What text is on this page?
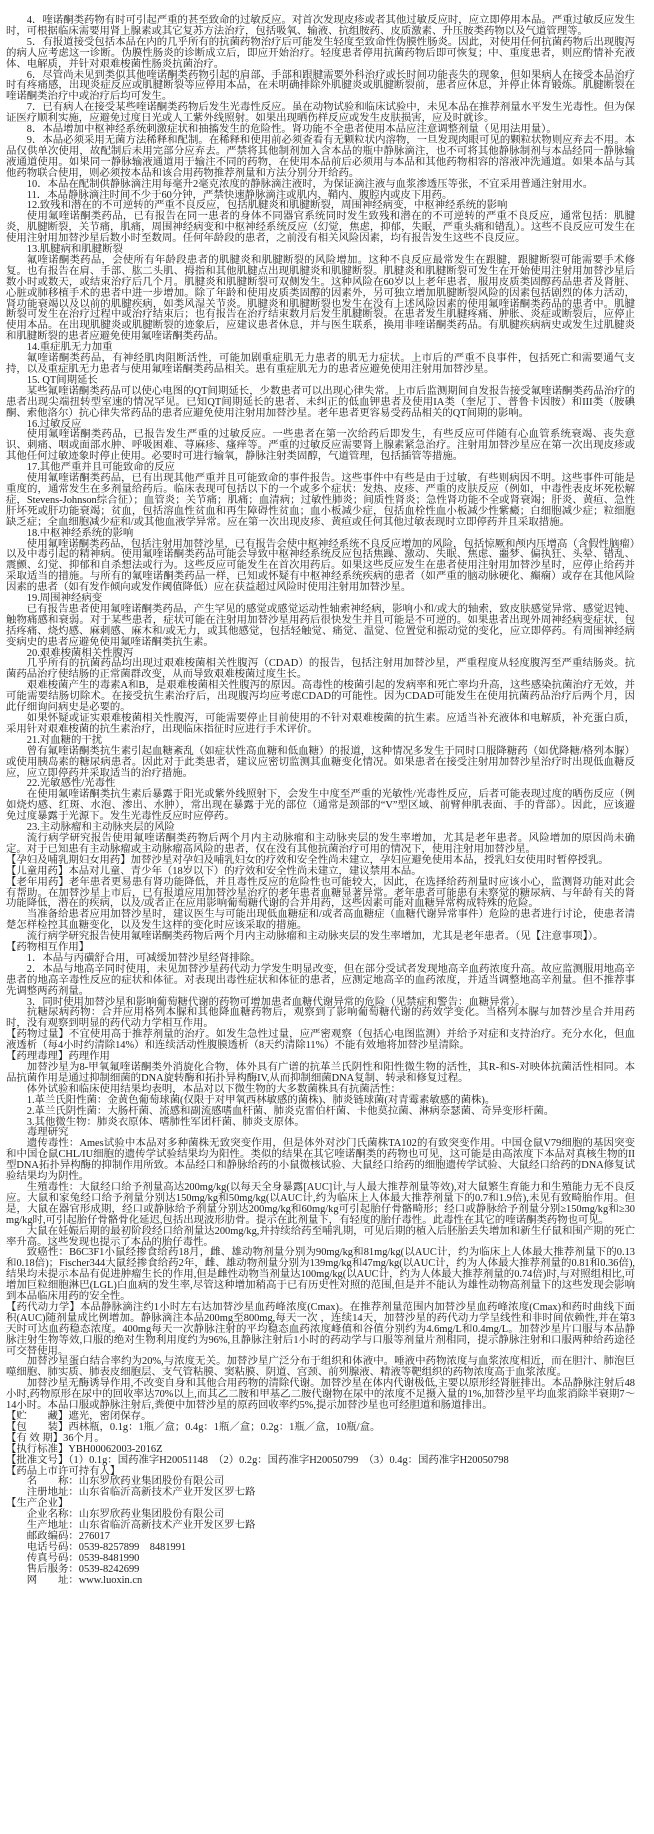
4．喹诺酮类药物有时可引起严重的甚至致命的过敏反应。对首次发现皮疹或者其他过敏反应时，应立即停用本品。严重过敏反应发生时，可根据临床需要用肾上腺素或其它复苏方法治疗，包括吸氧、输液、抗组胺药、皮质激素、升压胺类药物以及气道管理等。

5．有报道接受包括本品在内的几乎所有的抗菌药物治疗后可能发生轻度至致命性伪膜性肠炎。因此，对使用任何抗菌药物后出现腹泻的病人应考虑这一诊断。伪膜性肠炎的诊断成立后，即应开始治疗。轻度患者停用抗菌药物后即可恢复；中、重度患者，则应酌情补充液体、电解质，并针对艰难梭菌性肠炎抗菌治疗。

6．尽管尚未见到类似其他喹诺酮类药物引起的肩部、手部和跟腱需要外科治疗或长时间功能丧失的现象，但如果病人在接受本品治疗时有疼痛感，出现炎症反应或肌腱断裂等应停用本品，在未明确排除外肌腱炎或肌腱断裂前，患者应休息，并停止体育锻炼。肌腱断裂在喹诺酮类治疗中或治疗后均可发生。

7．已有病人在接受某些喹诺酮类药物后发生光毒性反应。虽在动物试验和临床试验中，未见本品在推荐剂量水平发生光毒性。但为保证医疗顺利实施，应避免过度日光或人工紫外线照射。如果出现晒伤样反应或发生皮肤损害，应及时就诊。

8．本品增加中枢神经系统刺激症状和抽搐发生的危险性。肾功能不全患者使用本品应注意调整剂量（见用法用量）。

9．本品必须采用无菌方法稀释和配制。在稀释和使用前必须查看有无颗粒状内溶物，一旦发现肉眼可见的颗粒状物则应弃去不用。本品仅供单次使用，故配制后未用完部分应弃去。严禁将其他制剂加入含本品的瓶中静脉滴注，也不可将其他静脉制剂与本品经同一静脉输液通道使用。如果同一静脉输液通道用于输注不同的药物，在使用本品前后必须用与本品和其他药物相容的溶液冲洗通道。如果本品与其他药物联合使用，则必须按本品和该合用药物推荐剂量和方法分别分开给药。

10．本品在配制供静脉滴注用每毫升2毫克浓度的静脉滴注液时，为保证滴注液与血浆渗透压等张，不宜采用普通注射用水。

11．本品静脉滴注时间不少于60分钟，严禁快速静脉滴注或肌内、鞘内、腹腔内或皮下用药。

12.致残和潜在的不可逆转的严重不良反应，包括肌腱炎和肌腱断裂，周围神经病变，中枢神经系统的影响

使用氟喹诺酮类药品，已有报告在同一患者的身体不同器官系统同时发生致残和潜在的不可逆转的严重不良反应，通常包括：肌腱炎，肌腱断裂，关节痛，肌痛，周围神经病变和中枢神经系统反应（幻觉，焦虑，抑郁，失眠，严重头痛和错乱）。这些不良反应可发生在使用注射用加替沙星后数小时至数周。任何年龄段的患者，之前没有相关风险因素，均有报告发生这些不良反应。

13.肌腱病和肌腱断裂

氟喹诺酮类药品，会使所有年龄段患者的肌腱炎和肌腱断裂的风险增加。这种不良反应最常发生在跟腱，跟腱断裂可能需要手术修复。也有报告在肩、手部、肱二头肌、拇指和其他肌腱点出现肌腱炎和肌腱断裂。肌腱炎和肌腱断裂可发生在开始使用注射用加替沙星后数小时或数天，或结束治疗后几个月。肌腱炎和肌腱断裂可双侧发生。这种风险在60岁以上老年患者，服用皮质类固醇药品患者及肾脏、心脏或肺移植手术的患者中进一步增加。除了年龄和使用皮质类固醇的因素外，另可独立增加肌腱断裂风险的因素包括剧烈的体力活动，肾功能衰竭以及以前的肌腱疾病，如类风湿关节炎。肌腱炎和肌腱断裂也发生在没有上述风险因素的使用氟喹诺酮类药品的患者中。肌腱断裂可发生在治疗过程中或治疗结束后；也有报告在治疗结束数月后发生肌腱断裂。在患者发生肌腱疼痛、肿胀、炎症或断裂后，应停止使用本品。在出现肌腱炎或肌腱断裂的迹象后，应建议患者休息，并与医生联系，换用非喹诺酮类药品。有肌腱疾病病史或发生过肌腱炎和肌腱断裂的患者应避免使用氟喹诺酮类药品。

14.重症肌无力加重

氟喹诺酮类药品，有神经肌肉阻断活性，可能加剧重症肌无力患者的肌无力症状。上市后的严重不良事件，包括死亡和需要通气支持，以及重症肌无力患者与使用氟喹诺酮类药品相关。患有重症肌无力的患者应避免使用注射用加替沙星。

15. QT间期延长

某些氟喹诺酮类药品可以使心电图的QT间期延长，少数患者可以出现心律失常。上市后监测期间自发报告接受氟喹诺酮类药品治疗的患者出现尖端扭转型室速的情况罕见。已知QT间期延长的患者、未纠正的低血钾患者及使用IA类（奎尼丁、普鲁卡因胺）和III类（胺碘酮、索他洛尔）抗心律失常药品的患者应避免使用注射用加替沙星。老年患者更容易受药品相关的QT间期的影响。

16.过敏反应

使用氟喹诺酮类药品，已报告发生严重的过敏反应。一些患者在第一次给药后即发生，有些反应可伴随有心血管系统衰竭、丧失意识、刺痛、咽或面部水肿、呼吸困难、荨麻疹、瘙痒等。严重的过敏反应需要肾上腺素紧急治疗。注射用加替沙星应在第一次出现皮疹或其他任何过敏迹象时停止使用。必要时可进行输氧，静脉注射类固醇，气道管理，包括插管等措施。

17.其他严重并且可能致命的反应

使用氟喹诺酮类药品，已有出现其他严重并且可能致命的事件报告。这些事件中有些是由于过敏，有些则病因不明。这些事件可能是重度的，通常发生在多剂量给药后。临床表现可包括以下的一个或多个症状：发热、皮疹、严重的皮肤反应（例如，中毒性表皮坏死松解症，Stevens-Johnson综合征）；血管炎；关节痛；肌痛；血清病；过敏性肺炎；间质性肾炎；急性肾功能不全或肾衰竭；肝炎、黄疸、急性肝坏死或肝功能衰竭；贫血，包括溶血性贫血和再生障碍性贫血；血小板减少症，包括血栓性血小板减少性紫癜；白细胞减少症；粒细胞缺乏症；全血细胞减少症和/或其他血液学异常。应在第一次出现皮疹、黄疸或任何其他过敏表现时立即停药并且采取措施。

18.中枢神经系统的影响

使用氟喹诺酮类药品，包括注射用加替沙星，已有报告会使中枢神经系统不良反应增加的风险，包括惊厥和颅内压增高（含假性脑瘤）以及中毒引起的精神病。使用氟喹诺酮类药品可能会导致中枢神经系统反应包括焦躁、激动、失眠、焦虑、噩梦、偏执狂、头晕、错乱、震颤、幻觉、抑郁和自杀想法或行为。这些反应可能发生在首次用药后。如果这些反应发生在患者使用注射用加替沙星时，应停止给药并采取适当的措施。与所有的氟喹诺酮类药品一样，已知或怀疑有中枢神经系统疾病的患者（如严重的脑动脉硬化、癫痫）或存在其他风险因素的患者（如有发作倾向或发作阈值降低）应在获益超过风险时使用注射用加替沙星。

19.周围神经病变

已有报告患者使用氟喹诺酮类药品，产生罕见的感觉或感觉运动性轴索神经病，影响小和/或大的轴索，致皮肤感觉异常、感觉迟钝、触物痛感和衰弱。对于某些患者，症状可能在注射用加替沙星用药后很快发生并且可能是不可逆的。如果患者出现外周神经病变症状，包括疼痛、烧灼感、麻刺感、麻木和/或无力，或其他感觉，包括轻触觉、痛觉、温觉、位置觉和振动觉的变化，应立即停药。有周围神经病变病史的患者应避免使用氟喹诺酮类抗生素。

20.艰难梭菌相关性腹泻

几乎所有的抗菌药品均出现过艰难梭菌相关性腹泻（CDAD）的报告，包括注射用加替沙星，严重程度从轻度腹泻至严重结肠炎。抗菌药品治疗使结肠的正常菌群改变，从而导致艰难梭菌过度生长。

艰难梭菌产生的毒素A和B，是艰难梭菌相关性腹泻的原因。高毒性的梭菌引起的发病率和死亡率均升高，这些感染抗菌治疗无效，并可能需要结肠切除术。在接受抗生素治疗后，出现腹泻均应考虑CDAD的可能性。因为CDAD可能发生在使用抗菌药品治疗后两个月，因此仔细询问病史是必要的。

如果怀疑或证实艰难梭菌相关性腹泻，可能需要停止目前使用的不针对艰难梭菌的抗生素。应适当补充液体和电解质，补充蛋白质，采用针对艰难梭菌的抗生素治疗，出现临床指征时应进行手术评价。

21.对血糖的干扰

曾有氟喹诺酮类抗生素引起血糖紊乱（如症状性高血糖和低血糖）的报道，这种情况多发生于同时口服降糖药（如优降糖/格列本脲）或使用胰岛素的糖尿病患者。因此对于此类患者，建议应密切监测其血糖变化情况。如果患者在接受注射用加替沙星治疗时出现低血糖反应，应立即停药并采取适当的治疗措施。

22.光敏感性/光毒性

在使用氟喹诺酮类抗生素后暴露于阳光或紫外线照射下，会发生中度至严重的光敏性/光毒性反应，后者可能表现过度的晒伤反应（例如烧灼感、红斑、水泡、渗出、水肿），常出现在暴露于光的部位（通常是颈部的“V”型区域、前臂伸肌表面、手的背部）。因此，应该避免过度暴露于光源下。发生光毒性反应时应停药。

23.主动脉瘤和主动脉夹层的风险

流行病学研究报告使用氟喹诺酮类药物后两个月内主动脉瘤和主动脉夹层的发生率增加，尤其是老年患者。风险增加的原因尚未确定。对于已知患有主动脉瘤或主动脉瘤高风险的患者，仅在没有其他抗菌治疗可用的情况下，使用注射用加替沙星。

【孕妇及哺乳期妇女用药】加替沙星对孕妇及哺乳妇女的疗效和安全性尚未建立，孕妇应避免使用本品，授乳妇女使用时暂停授乳。

【儿童用药】本品对儿童、青少年（18岁以下）的疗效和安全性尚未建立，建议禁用本品。

【老年用药】老年患者更易患有肾功能降低，并且毒性反应的危险性也可能较大，因此，在选择给药剂量时应该小心，监测肾功能对此会有帮助。在加替沙星上市后，已有报道应用加替沙星治疗的老年患者血糖显著异常。老年患者可能患有未察觉的糖尿病、与年龄有关的肾功能降低，潜在的疾病，以及/或者正在应用影响葡萄糖代谢的合并用药，这些因素可能对血糖异常构成特殊的危险。

当准备给患者应用加替沙星时，建议医生与可能出现低血糖症和/或者高血糖症（血糖代谢异常事件）危险的患者进行讨论，使患者清楚怎样检控其血糖变化，以及发生这样的变化时应该采取的措施。

流行病学研究报告使用氟喹诺酮类药物后两个月内主动脉瘤和主动脉夹层的发生率增加，尤其是老年患者。（见【注意事项】）。

【药物相互作用】

1．本品与丙磺舒合用，可减缓加替沙星经肾排除。

2．本品与地高辛同时使用，未见加替沙星药代动力学发生明显改变，但在部分受试者发现地高辛血药浓度升高。故应监测服用地高辛患者的地高辛毒性反应的症状和体征。对表现出毒性症状和体征的患者，应测定地高辛的血药浓度，并适当调整地高辛剂量。但不推荐事先调整两药剂量。

3．同时使用加替沙星和影响葡萄糖代谢的药物可增加患者血糖代谢异常的危险（见禁症和警告：血糖异常）。

抗糖尿病药物：合并应用格列本脲和其他降血糖药物后，观察到了影响葡萄糖代谢的药效学变化。当格列本脲与加替沙星合并用药时，没有观察到明显的药代动力学相互作用。

【药物过量】不宜使用高于推荐剂量的治疗。如发生急性过量，应严密观察（包括心电图监测）并给予对症和支持治疗。充分水化，但血液透析（每4小时约清除14%）和连续活动性腹膜透析（8天约清除11%）不能有效地将加替沙星清除。

【药理毒理】药理作用

加替沙星为8-甲氧氟喹诺酮类外消旋化合物，体外具有广谱的抗革兰氏阴性和阳性微生物的活性，其R-和S-对映体抗菌活性相同。本品抗菌作用是通过抑制细菌的DNA旋转酶和拓扑异构酶IV,从而抑制细菌DNA复制、转录和修复过程。

体外试验和临床使用结果均表明，本品对以下微生物的大多数菌株具有抗菌活性：

1.革兰氏阳性菌：金黄色葡萄球菌(仅限于对甲氧西林敏感的菌株)、肺炎链球菌(对青霉素敏感的菌株)。

2.革兰氏阴性菌：大肠杆菌、流感和副流感嗜血杆菌、肺炎克雷伯杆菌、卡他莫拉菌、淋病奈瑟菌、奇异变形杆菌。

3.其他微生物：肺炎衣原体、嗜肺性军团杆菌、肺炎支原体。

毒理研究

遗传毒性：Ames试验中本品对多种菌株无致突变作用，但是体外对沙门氏菌株TA102的有致突变作用。中国仓鼠V79细胞的基因突变和中国仓鼠CHL/IU细胞的遗传学试验结果均为阳性。类似的结果在其它喹诺酮类的药物也可见，这可能是由高浓度下本品对真核生物的II型DNA拓扑异构酶的抑制作用所致。本品经口和静脉给药的小鼠微核试验、大鼠经口给药的细胞遗传学试验、大鼠经口给药的DNA修复试验结果均为阴性。

生殖毒性：大鼠经口给予剂量高达200mg/kg(以每天全身暴露[AUC]计,与人最大推荐剂量等效),对大鼠繁生育能力和生殖能力无不良反应。大鼠和家兔经口给予剂量分别达150mg/kg和50mg/kg(以AUC计,约为临床上人体最大推荐剂量下的0.7和1.9倍),未见有致畸胎作用。但是，大鼠在器官形成期，经口或静脉给予剂量分别达200mg/kg和60mg/kg可引起胎仔骨骼畸形；经口或静脉给予剂量分别≥150mg/kg和≥30mg/kg时,可引起胎仔骨骼骨化延迟,包括出现波形肋骨。提示在此剂量下，有轻度的胎仔毒性。此毒性在其它的喹诺酮类药物也可见。

大鼠在妊娠后期的最初阶段经口给剂量达200mg/kg,并持续给药至哺乳期，可见后期的植入后胚胎丢失增加和新生仔鼠和围产期的死亡率升高。这些发现也提示了本品的胎仔毒性。

致癌性：B6C3F1小鼠经掺食给药18月，雌、雄动物剂量分别为90mg/kg和81mg/kg(以AUC计，约为临床上人体最大推荐剂量下的0.13和0.18倍)；Fischer344大鼠经掺食给药2年，雌、雄动物剂量分别为139mg/kg和47mg/kg(以AUC计，约为人体最大推荐剂量的0.81和0.36倍),结果均未提示本品有促进肿瘤生长的作用,但是雌性动物当剂量达100mg/kg(以AUC计，约为人体最大推荐剂量的0.74倍)时,与对照组相比,可增加巨粒细胞淋巴(LGL)白血病的发生率,尽管这种增加稍高于已有历史性对照的范围,但是并不能认为雄性动物高剂量下的这些发现会影响到本品临床用药的安全性。

【药代动力学】本品静脉滴注约1小时左右达加替沙星血药峰浓度(Cmax)。在推荐剂量范围内加替沙星血药峰浓度(Cmax)和药时曲线下面积(AUC)随剂量成比例增加。静脉滴注本品200mg至800mg,每天一次 ，连续14天，加替沙星的药代动力学呈线性和非时间依赖性,并在第3天时可达血药稳态浓度。400mg每天一次静脉注射的平均稳态血药浓度峰值和谷值分别约为4.6mg/L和0.4mg/L。加替沙星片口服与本品静脉注射生物等效,口服的绝对生物利用度约为96%,且静脉注射后1小时的药动学与口服等剂量片剂相同，提示静脉注射和口服两种给药途径可交替使用。

加替沙星蛋白结合率约为20%,与浓度无关。加替沙星广泛分布于组织和体液中。唾液中药物浓度与血浆浓度相近，而在胆汁、肺泡巨噬细胞、肺实质、肺表皮细胞层、支气管粘膜、窦粘膜、阴道、宫颈、前列腺液、精液等靶组织的药物浓度高于血浆浓度。

加替沙星无酶诱导作用,不改变自身和其他合用药物的清除代谢。加替沙星在体内代谢极低,主要以原形经肾脏排出。本品静脉注射后48小时,药物原形在尿中的回收率达70%以上,而其乙二胺和甲基乙二胺代谢物在尿中的浓度不足摄入量的1%,加替沙星平均血浆消除半衰期7～14小时。本品口服或静脉注射后,粪便中加替沙星的原药回收率约5%,提示加替沙星也可经胆道和肠道排出。

【贮　　藏】遮光，密闭保存。

【包　　装】西林瓶，0.1g：1瓶／盒；0.4g：1瓶／盒；0.2g：1瓶／盒，10瓶/盒。

【有 效 期】36个月。

【执行标准】YBH00062003-2016Z

【批准文号】（1）0.1g：国药准字H20051148　（2）0.2g：国药准字H20050799　（3）0.4g：国药准字H20050798

【药品上市许可持有人】

名　　称：山东罗欣药业集团股份有限公司

注册地址：山东省临沂高新技术产业开发区罗七路

【生产企业】

企业名称：山东罗欣药业集团股份有限公司

生产地址：山东省临沂高新技术产业开发区罗七路

邮政编码：276017

电话号码：0539-8257899　8481991

传真号码：0539-8481990

售后服务：0539-8242699

网　　址：www.luoxin.cn
